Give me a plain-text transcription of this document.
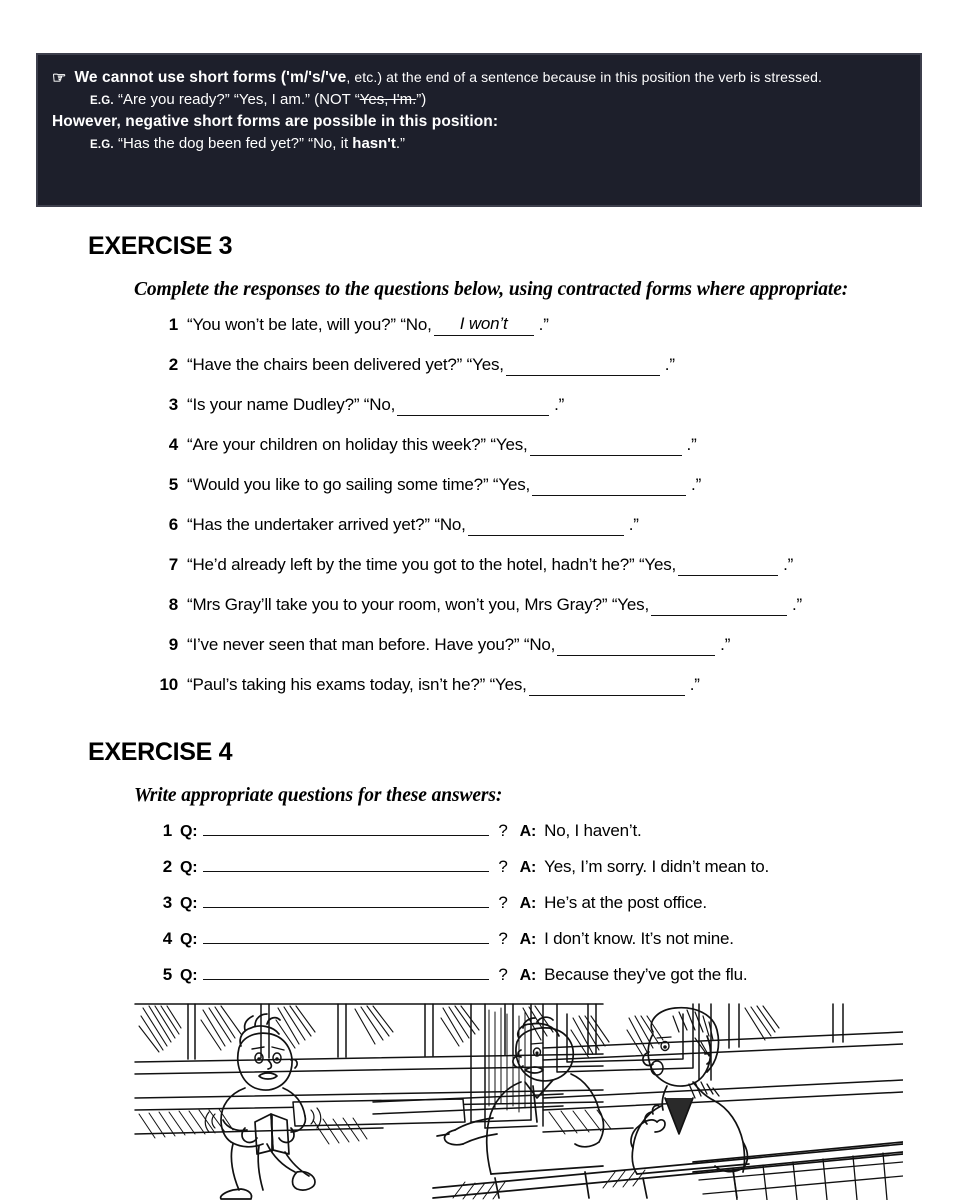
☞ We cannot use short forms ('m/'s/'ve, etc.) at the end of a sentence because in this position the verb is stressed.
E.G. “Are you ready?” “Yes, I am.” (NOT “Yes, I'm.”)
However, negative short forms are possible in this position:
E.G. “Has the dog been fed yet?” “No, it hasn't.”
EXERCISE 3
Complete the responses to the questions below, using contracted forms where appropriate:
1 “You won’t be late, will you?” “No,	I won’t	.”
2 “Have the chairs been delivered yet?” “Yes,
	.”
3 “Is your name Dudley?” “No,
	.”
4 “Are your children on holiday this week?” “Yes,
	.”
5 “Would you like to go sailing some time?” “Yes,
	.”
6 “Has the undertaker arrived yet?” “No,
	.”
7 “He’d already left by the time you got to the hotel, hadn’t he?” “Yes,
	.”
8 “Mrs Gray’ll take you to your room, won’t you, Mrs Gray?” “Yes,
	.”
9 “I’ve never seen that man before. Have you?” “No,
	.”
10 “Paul’s taking his exams today, isn’t he?” “Yes,
	.”
EXERCISE 4
Write appropriate questions for these answers:
1 Q:	? A: No, I haven’t.
2 Q:	? A: Yes, I’m sorry. I didn’t mean to.
3 Q:	? A: He’s at the post office.
4 Q:	? A: I don’t know. It’s not mine.
5 Q:	? A: Because they’ve got the flu.
